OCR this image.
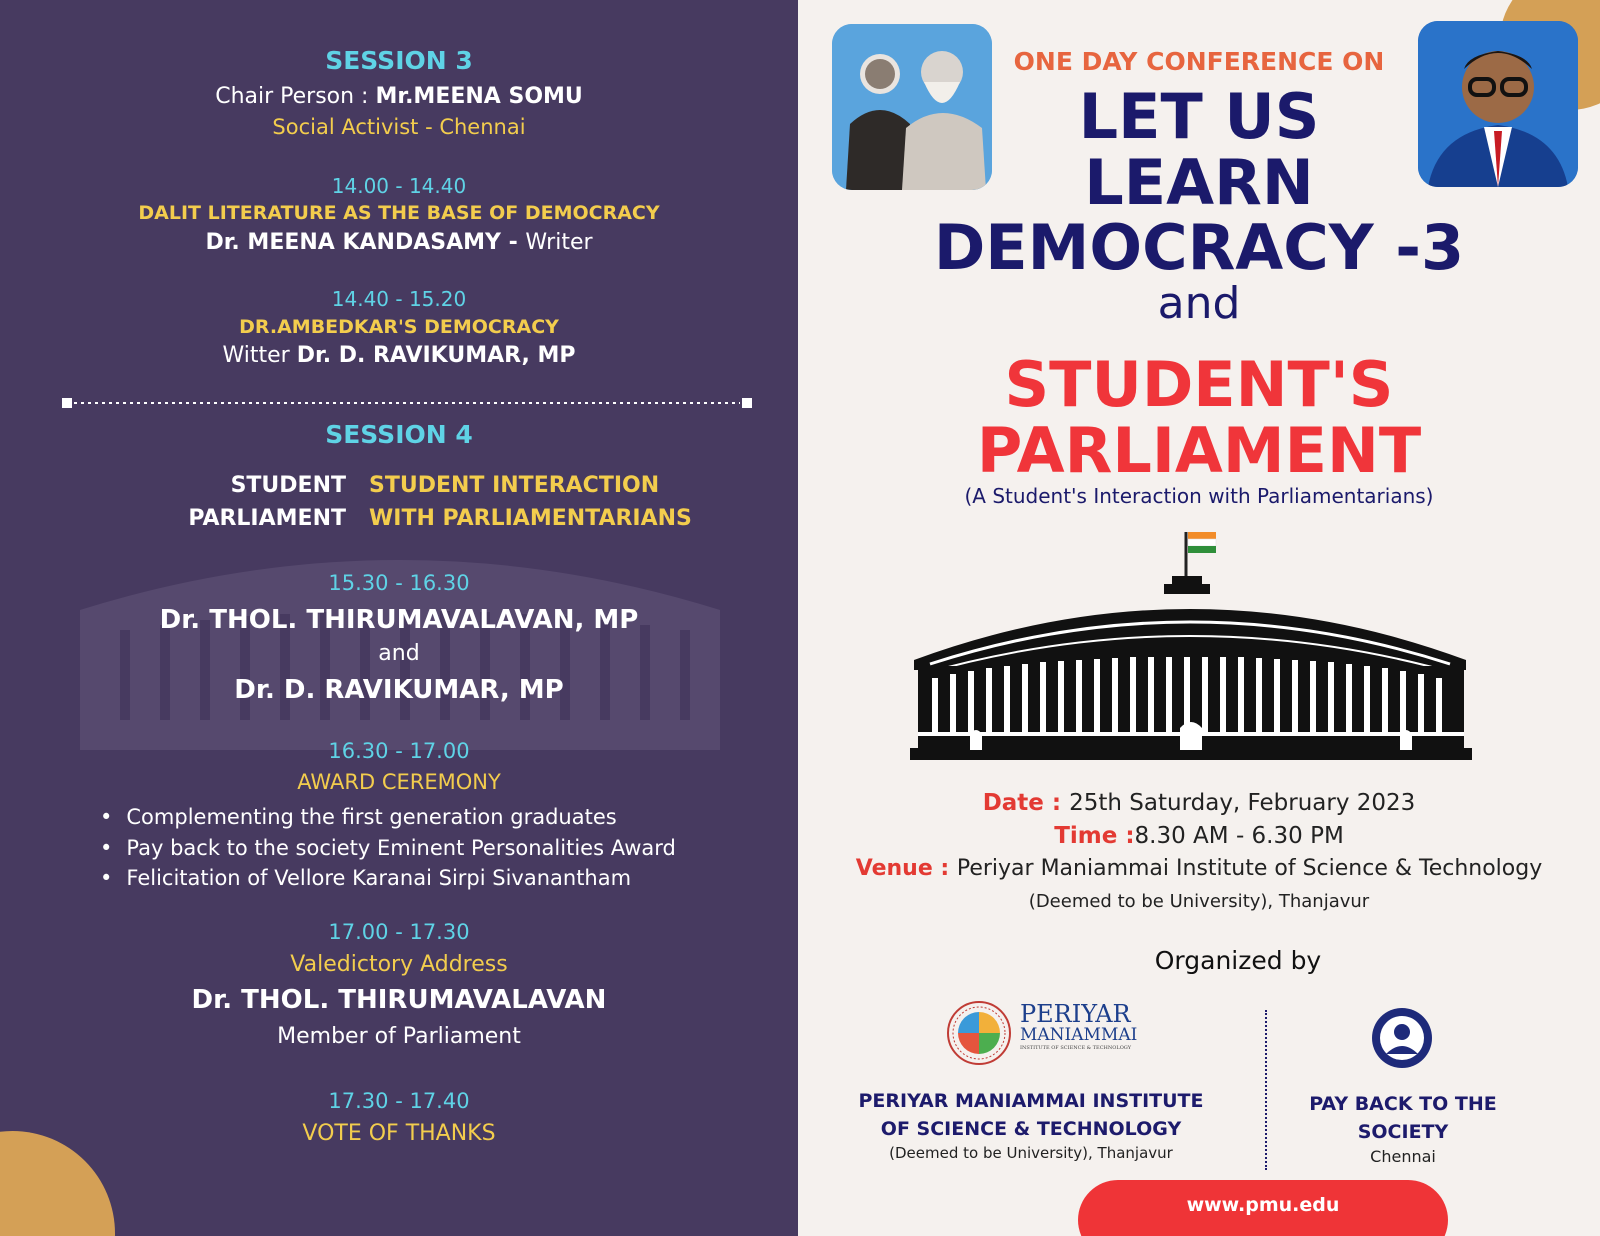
SESSION 3
Chair Person : Mr.MEENA SOMU
Social Activist - Chennai
14.00 - 14.40
DALIT LITERATURE AS THE BASE OF DEMOCRACY
Dr. MEENA KANDASAMY - Writer
14.40 - 15.20
DR.AMBEDKAR'S DEMOCRACY
Witter Dr. D. RAVIKUMAR, MP
SESSION 4
STUDENT
PARLIAMENT
STUDENT INTERACTION
WITH PARLIAMENTARIANS
15.30 - 16.30
Dr. THOL. THIRUMAVALAVAN, MP
and
Dr. D. RAVIKUMAR, MP
16.30 - 17.00
AWARD CEREMONY
• Complementing the first generation graduates
• Pay back to the society Eminent Personalities Award
• Felicitation of Vellore Karanai Sirpi Sivanantham
17.00 - 17.30
Valedictory Address
Dr. THOL. THIRUMAVALAVAN
Member of Parliament
17.30 - 17.40
VOTE OF THANKS
ONE DAY CONFERENCE ON
LET US
LEARN
DEMOCRACY -3
and
STUDENT'S
PARLIAMENT
(A Student's Interaction with Parliamentarians)
Date : 25th Saturday, February 2023
Time :8.30 AM - 6.30 PM
Venue : Periyar Maniammai Institute of Science & Technology
(Deemed to be University), Thanjavur
Organized by
PERIYAR
MANIAMMAI
INSTITUTE OF SCIENCE & TECHNOLOGY
PERIYAR MANIAMMAI INSTITUTE
OF SCIENCE & TECHNOLOGY
(Deemed to be University), Thanjavur
PAY BACK TO THE
SOCIETY
Chennai
www.pmu.edu
